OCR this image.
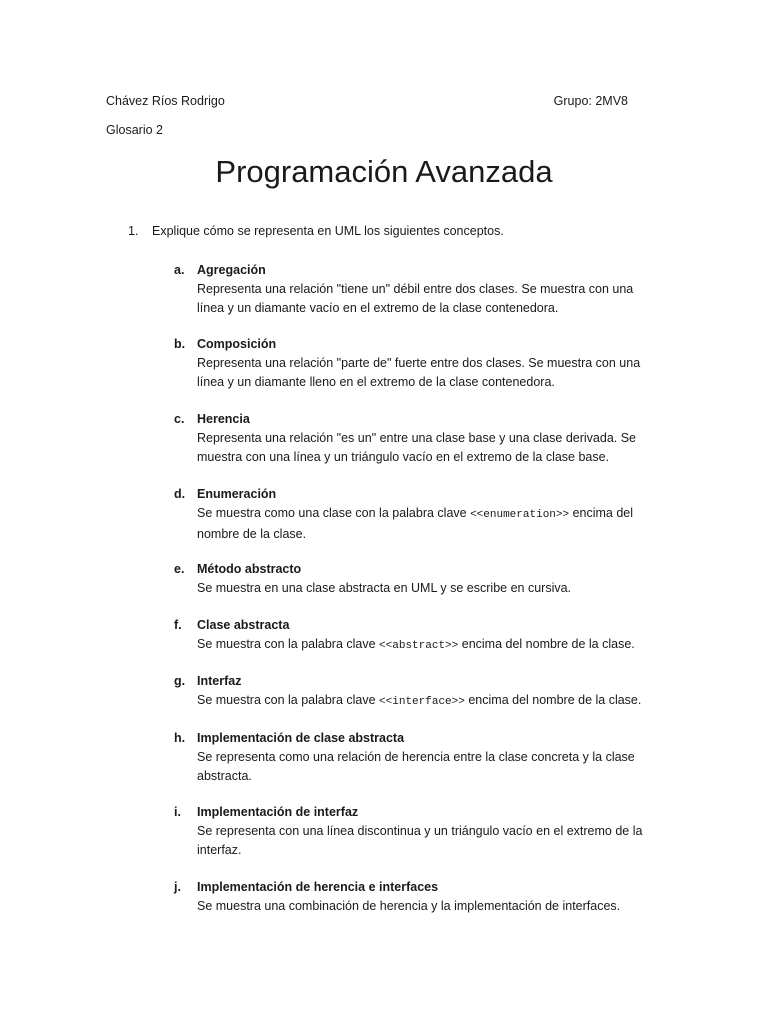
Chávez Ríos Rodrigo	Grupo: 2MV8
Glosario 2
Programación Avanzada
1.	Explique cómo se representa en UML los siguientes conceptos.
a.	Agregación
Representa una relación "tiene un" débil entre dos clases. Se muestra con una línea y un diamante vacío en el extremo de la clase contenedora.
b. Composición
Representa una relación "parte de" fuerte entre dos clases. Se muestra con una línea y un diamante lleno en el extremo de la clase contenedora.
c.	Herencia
Representa una relación "es un" entre una clase base y una clase derivada. Se muestra con una línea y un triángulo vacío en el extremo de la clase base.
d. Enumeración
Se muestra como una clase con la palabra clave <<enumeration>> encima del nombre de la clase.
e.	Método abstracto
Se muestra en una clase abstracta en UML y se escribe en cursiva.
f.	Clase abstracta
Se muestra con la palabra clave <<abstract>> encima del nombre de la clase.
g. Interfaz
Se muestra con la palabra clave <<interface>> encima del nombre de la clase.
h. Implementación de clase abstracta
Se representa como una relación de herencia entre la clase concreta y la clase abstracta.
i.	Implementación de interfaz
Se representa con una línea discontinua y un triángulo vacío en el extremo de la interfaz.
j.	Implementación de herencia e interfaces
Se muestra una combinación de herencia y la implementación de interfaces.
